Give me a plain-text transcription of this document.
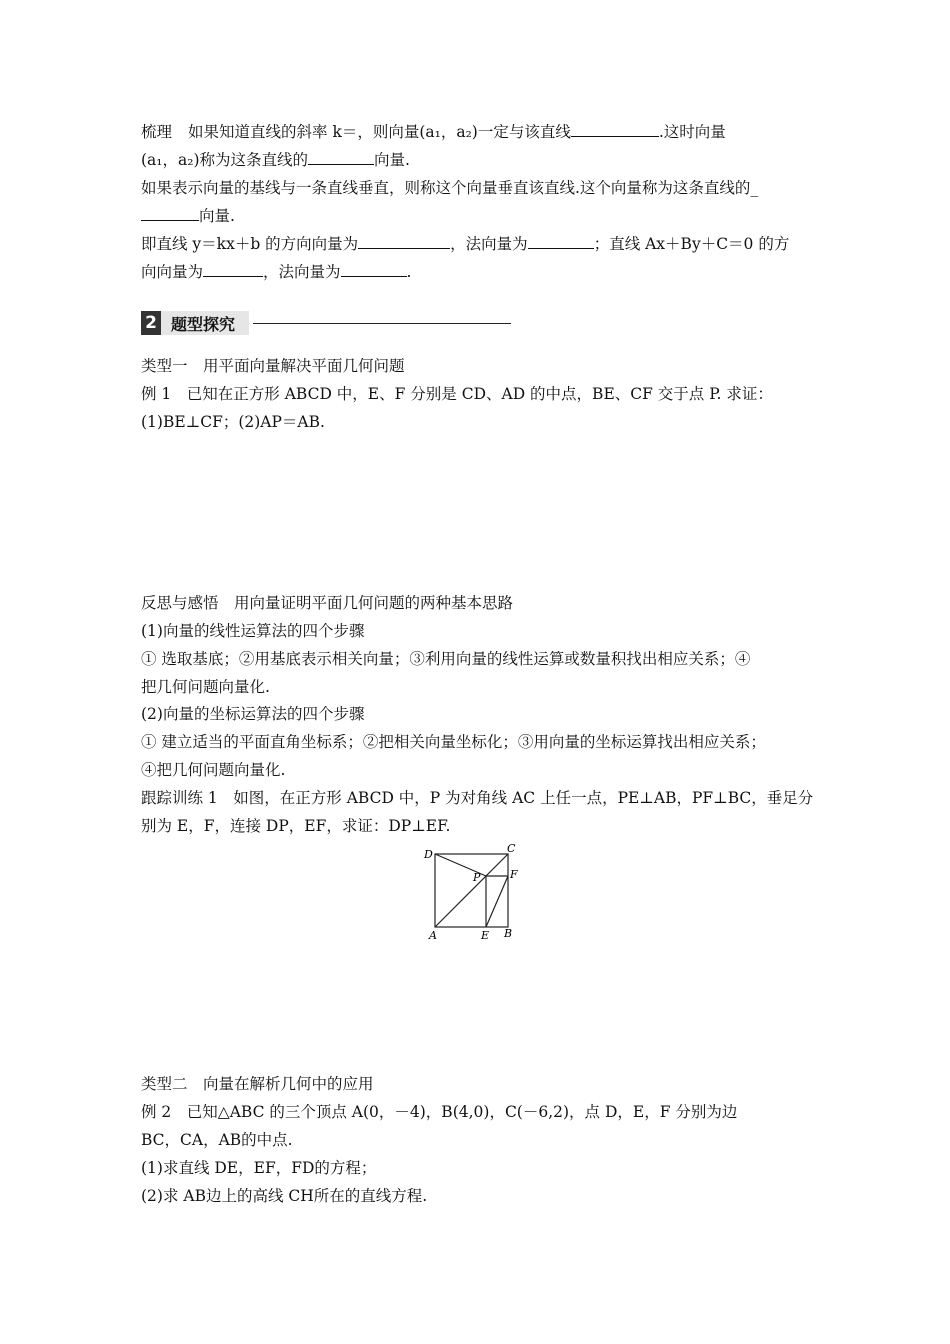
梳理 如果知道直线的斜率 k＝，则向量(a₁，a₂)一定与该直线	.这时向量
(a₁，a₂)称为这条直线的	向量.
如果表示向量的基线与一条直线垂直，则称这个向量垂直该直线.这个向量称为这条直线的_
向量.
即直线 y＝kx＋b 的方向向量为	，法向量为	；直线 Ax＋By＋C＝0 的方
向向量为	，法向量为	.
2 题型探究
类型一　用平面向量解决平面几何问题
例 1　已知在正方形 ABCD 中，E、F 分别是 CD、AD 的中点，BE、CF 交于点 P. 求证：
(1)BE⊥CF；(2)AP＝AB.
反思与感悟　用向量证明平面几何问题的两种基本思路
(1)向量的线性运算法的四个步骤
① 选取基底；②用基底表示相关向量；③利用向量的线性运算或数量积找出相应关系；④
把几何问题向量化.
(2)向量的坐标运算法的四个步骤
① 建立适当的平面直角坐标系；②把相关向量坐标化；③用向量的坐标运算找出相应关系；
④把几何问题向量化.
跟踪训练 1　如图，在正方形 ABCD 中，P 为对角线 AC 上任一点，PE⊥AB，PF⊥BC，垂足分
别为 E，F，连接 DP，EF，求证：DP⊥EF.
D	C
P	F
A	E B
类型二　向量在解析几何中的应用
例 2　已知△ABC 的三个顶点 A(0，－4)，B(4,0)，C(－6,2)，点 D，E，F 分别为边
BC，CA，AB的中点.
(1)求直线 DE，EF，FD的方程；
(2)求 AB边上的高线 CH所在的直线方程.
